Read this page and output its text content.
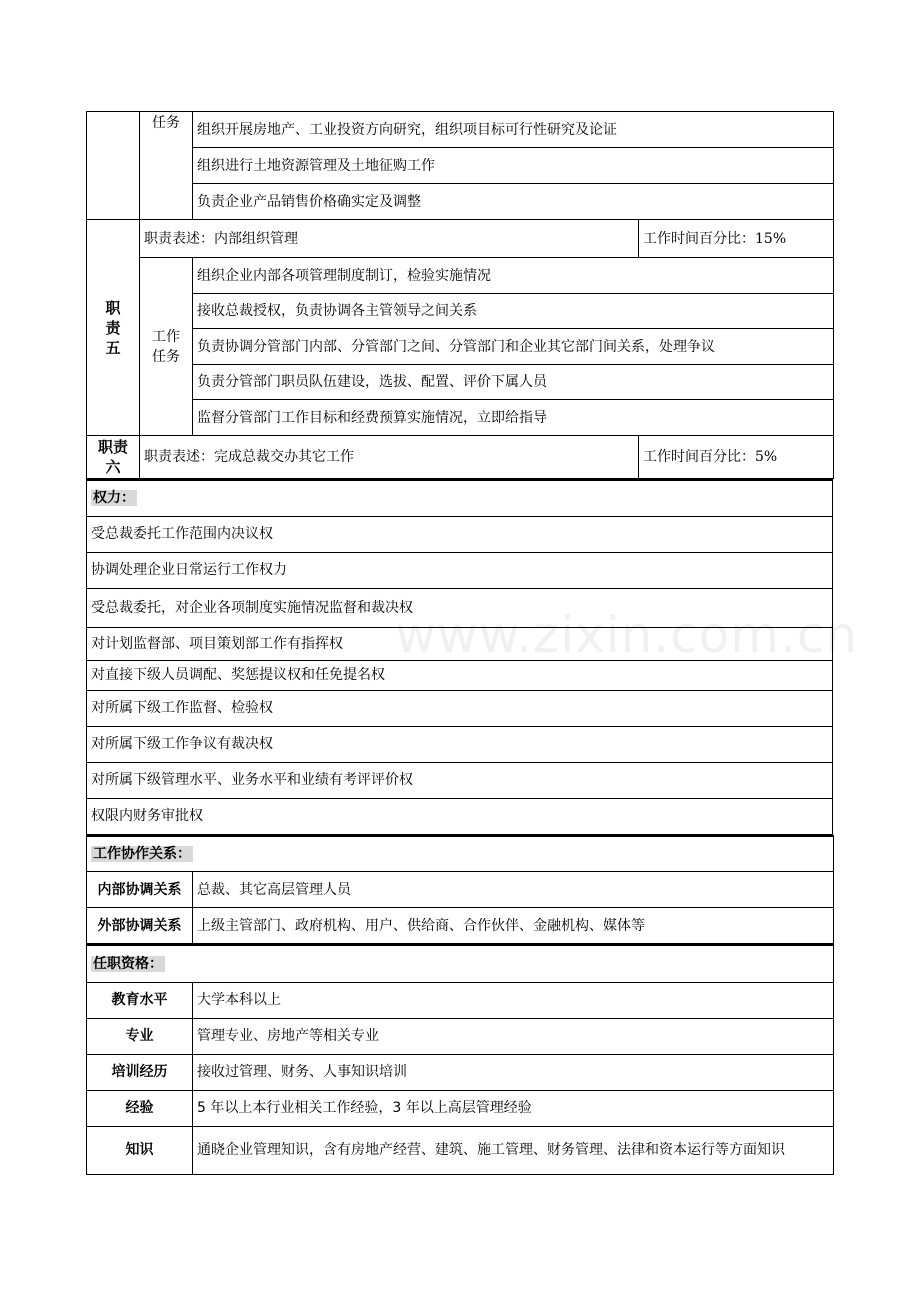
	任务	组织开展房地产、工业投资方向研究，组织项目标可行性研究及论证	
		组织进行土地资源管理及土地征购工作	
		负责企业产品销售价格确实定及调整	
职责五	职责表述：内部组织管理		工作时间百分比：15%
	工作任务	组织企业内部各项管理制度制订，检验实施情况	
		接收总裁授权，负责协调各主管领导之间关系	
		负责协调分管部门内部、分管部门之间、分管部门和企业其它部门间关系，处理争议	
		负责分管部门职员队伍建设，选拔、配置、评价下属人员	
		监督分管部门工作目标和经费预算实施情况，立即给指导	
职责六	职责表述：完成总裁交办其它工作		工作时间百分比：5%
权力：
受总裁委托工作范围内决议权
协调处理企业日常运行工作权力
受总裁委托，对企业各项制度实施情况监督和裁决权
对计划监督部、项目策划部工作有指挥权
对直接下级人员调配、奖惩提议权和任免提名权
对所属下级工作监督、检验权
对所属下级工作争议有裁决权
对所属下级管理水平、业务水平和业绩有考评评价权
权限内财务审批权
工作协作关系：	
内部协调关系	总裁、其它高层管理人员
外部协调关系	上级主管部门、政府机构、用户、供给商、合作伙伴、金融机构、媒体等
任职资格：	
教育水平	大学本科以上
专业	管理专业、房地产等相关专业
培训经历	接收过管理、财务、人事知识培训
经验	5 年以上本行业相关工作经验，3 年以上高层管理经验
知识	通晓企业管理知识，含有房地产经营、建筑、施工管理、财务管理、法律和资本运行等方面知识
www.zixin.com.cn
